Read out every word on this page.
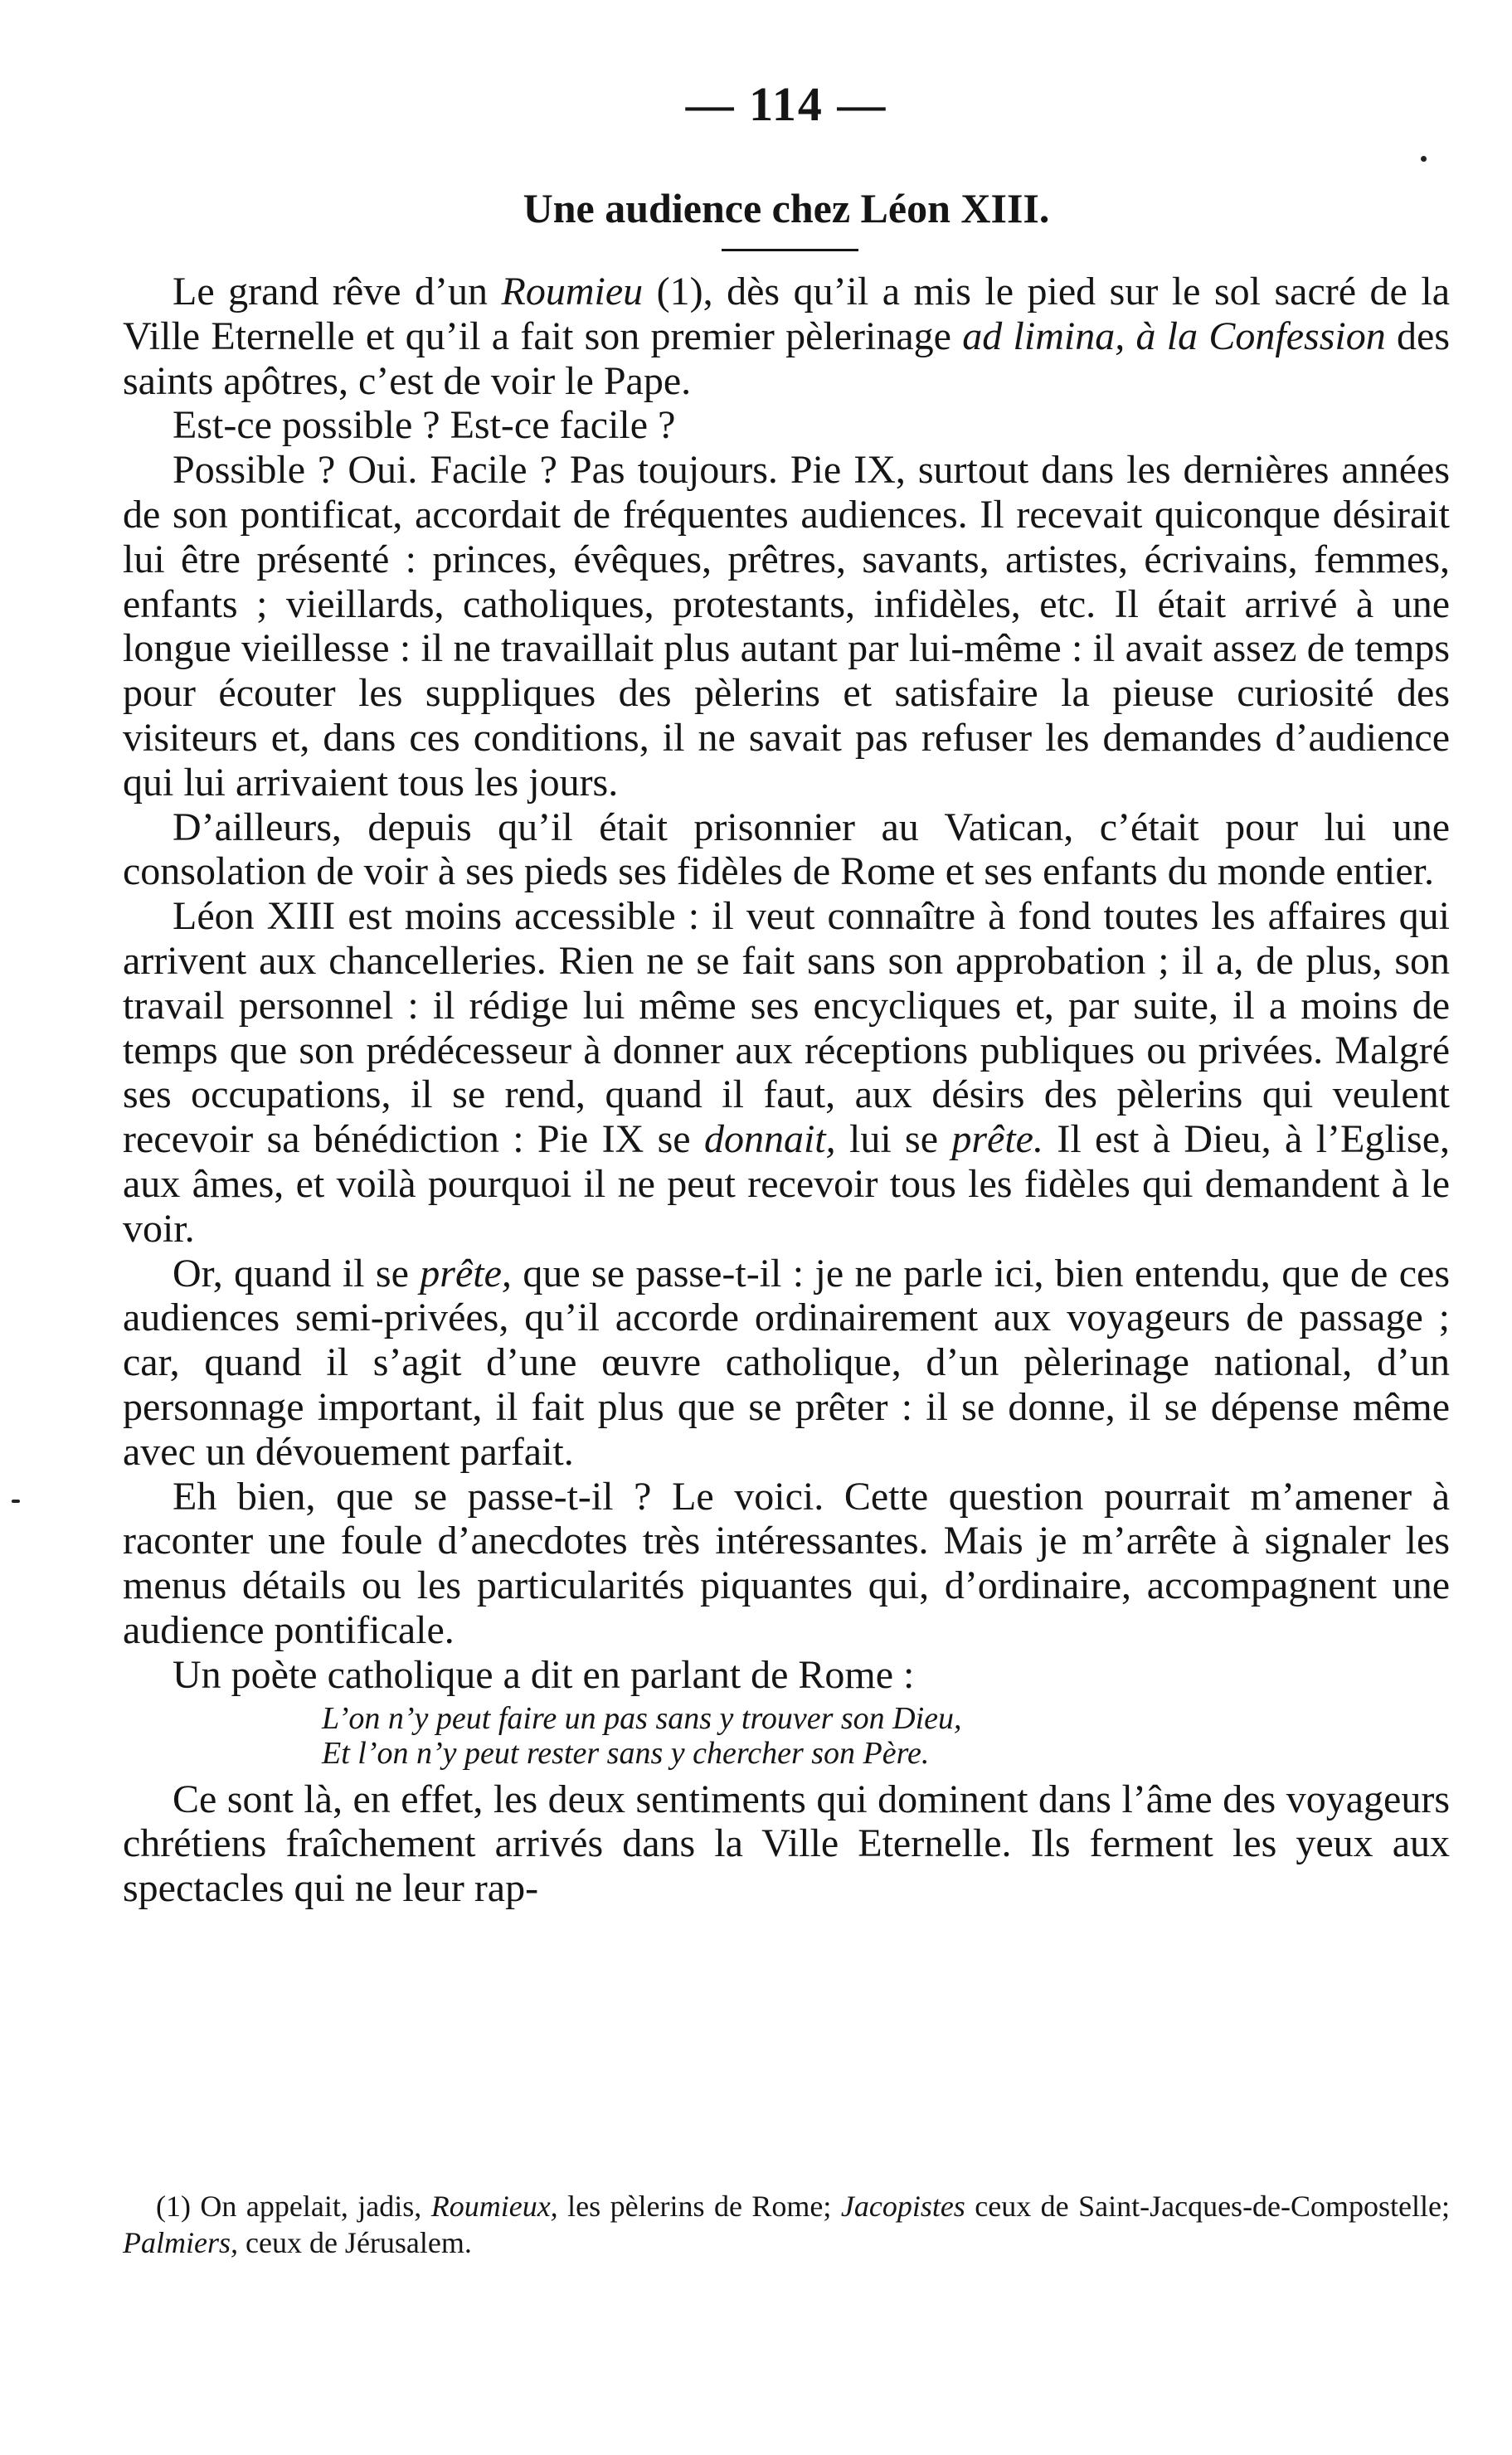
— 114 —
Une audience chez Léon XIII.

Le grand rêve d’un Roumieu (1), dès qu’il a mis le pied sur le sol sacré de la Ville Eternelle et qu’il a fait son premier pèlerinage ad limina, à la Confession des saints apôtres, c’est de voir le Pape.

Est-ce possible ? Est-ce facile ?

Possible ? Oui. Facile ? Pas toujours. Pie IX, surtout dans les dernières années de son pontificat, accordait de fréquentes audiences. Il recevait quiconque désirait lui être présenté : princes, évêques, prêtres, savants, artistes, écrivains, femmes, enfants ; vieillards, catholiques, protestants, infidèles, etc. Il était arrivé à une longue vieillesse : il ne travaillait plus autant par lui-même : il avait assez de temps pour écouter les suppliques des pèlerins et satisfaire la pieuse curiosité des visiteurs et, dans ces conditions, il ne savait pas refuser les demandes d’audience qui lui arrivaient tous les jours.

D’ailleurs, depuis qu’il était prisonnier au Vatican, c’était pour lui une consolation de voir à ses pieds ses fidèles de Rome et ses enfants du monde entier.

Léon XIII est moins accessible : il veut connaître à fond toutes les affaires qui arrivent aux chancelleries. Rien ne se fait sans son approbation ; il a, de plus, son travail personnel : il rédige lui même ses encycliques et, par suite, il a moins de temps que son prédécesseur à donner aux réceptions publiques ou privées. Malgré ses occupations, il se rend, quand il faut, aux désirs des pèlerins qui veulent recevoir sa bénédiction : Pie IX se donnait, lui se prête. Il est à Dieu, à l’Eglise, aux âmes, et voilà pourquoi il ne peut recevoir tous les fidèles qui demandent à le voir.

Or, quand il se prête, que se passe-t-il : je ne parle ici, bien entendu, que de ces audiences semi-privées, qu’il accorde ordinairement aux voyageurs de passage ; car, quand il s’agit d’une œuvre catholique, d’un pèlerinage national, d’un personnage important, il fait plus que se prêter : il se donne, il se dépense même avec un dévouement parfait.

Eh bien, que se passe-t-il ? Le voici. Cette question pourrait m’amener à raconter une foule d’anecdotes très intéressantes. Mais je m’arrête à signaler les menus détails ou les particularités piquantes qui, d’ordinaire, accompagnent une audience pontificale.

Un poète catholique a dit en parlant de Rome :

L’on n’y peut faire un pas sans y trouver son Dieu,
Et l’on n’y peut rester sans y chercher son Père.

Ce sont là, en effet, les deux sentiments qui dominent dans l’âme des voyageurs chrétiens fraîchement arrivés dans la Ville Eternelle. Ils ferment les yeux aux spectacles qui ne leur rap-

(1) On appelait, jadis, Roumieux, les pèlerins de Rome; Jacopistes ceux de Saint-Jacques-de-Compostelle; Palmiers, ceux de Jérusalem.
